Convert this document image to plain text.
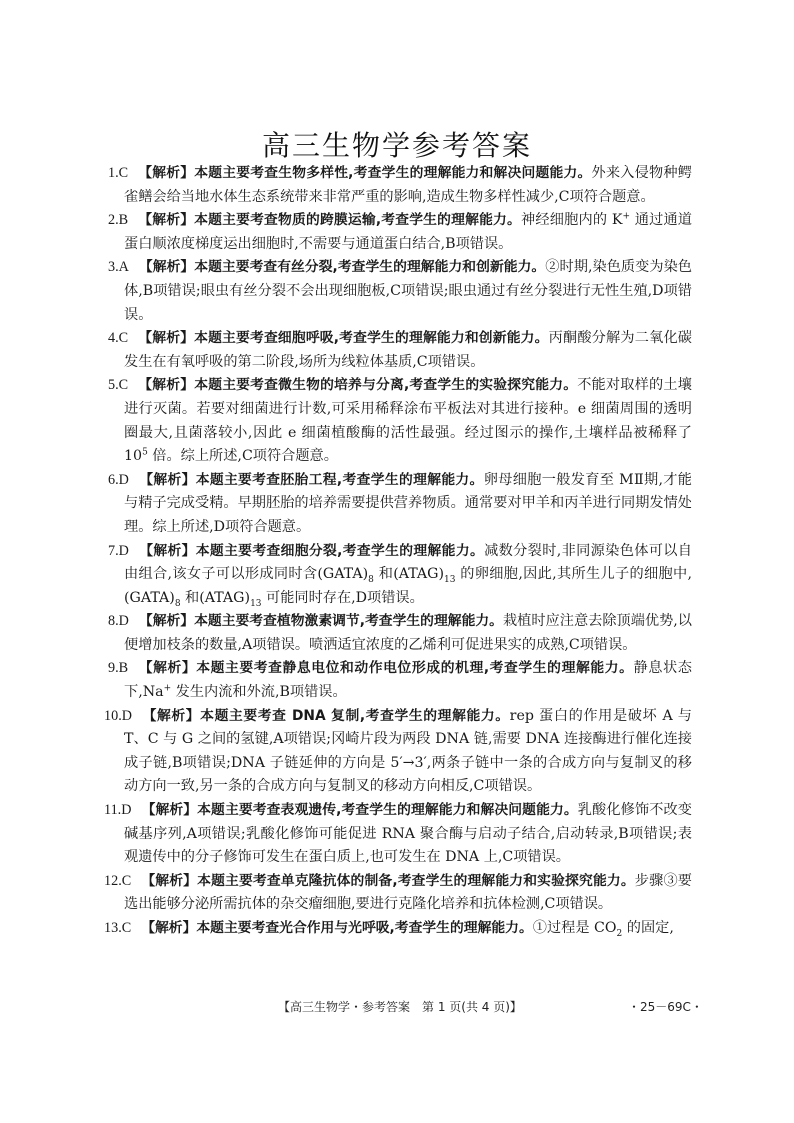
高三生物学参考答案
1.C 【解析】本题主要考查生物多样性,考查学生的理解能力和解决问题能力。外来入侵物种鳄雀鳝会给当地水体生态系统带来非常严重的影响,造成生物多样性减少,C项符合题意。
2.B 【解析】本题主要考查物质的跨膜运输,考查学生的理解能力。神经细胞内的 K+ 通过通道蛋白顺浓度梯度运出细胞时,不需要与通道蛋白结合,B项错误。
3.A 【解析】本题主要考查有丝分裂,考查学生的理解能力和创新能力。②时期,染色质变为染色体,B项错误;眼虫有丝分裂不会出现细胞板,C项错误;眼虫通过有丝分裂进行无性生殖,D项错误。
4.C 【解析】本题主要考查细胞呼吸,考查学生的理解能力和创新能力。丙酮酸分解为二氧化碳发生在有氧呼吸的第二阶段,场所为线粒体基质,C项错误。
5.C 【解析】本题主要考查微生物的培养与分离,考查学生的实验探究能力。不能对取样的土壤进行灭菌。若要对细菌进行计数,可采用稀释涂布平板法对其进行接种。e 细菌周围的透明圈最大,且菌落较小,因此 e 细菌植酸酶的活性最强。经过图示的操作,土壤样品被稀释了 $10^5$ 倍。综上所述,C项符合题意。
6.D 【解析】本题主要考查胚胎工程,考查学生的理解能力。卵母细胞一般发育至 MⅡ期,才能与精子完成受精。早期胚胎的培养需要提供营养物质。通常要对甲羊和丙羊进行同期发情处理。综上所述,D项符合题意。
7.D 【解析】本题主要考查细胞分裂,考查学生的理解能力。减数分裂时,非同源染色体可以自由组合,该女子可以形成同时含$(GATA)_8$ 和$(ATAG)_{13}$ 的卵细胞,因此,其所生儿子的细胞中$,(GATA)_8$ 和$(ATAG)_{13}$ 可能同时存在,D项错误。
8.D 【解析】本题主要考查植物激素调节,考查学生的理解能力。栽植时应注意去除顶端优势,以便增加枝条的数量,A项错误。喷洒适宜浓度的乙烯利可促进果实的成熟,C项错误。
9.B 【解析】本题主要考查静息电位和动作电位形成的机理,考查学生的理解能力。静息状态下,Na+ 发生内流和外流,B项错误。
10.D 【解析】本题主要考查 DNA 复制,考查学生的理解能力。rep 蛋白的作用是破坏 A 与 T、C 与 G 之间的氢键,A项错误;冈崎片段为两段 DNA 链,需要 DNA 连接酶进行催化连接成子链,B项错误;DNA 子链延伸的方向是 5′→3′,两条子链中一条的合成方向与复制叉的移动方向一致,另一条的合成方向与复制叉的移动方向相反,C项错误。
11.D 【解析】本题主要考查表观遗传,考查学生的理解能力和解决问题能力。乳酸化修饰不改变碱基序列,A项错误;乳酸化修饰可能促进 RNA 聚合酶与启动子结合,启动转录,B项错误;表观遗传中的分子修饰可发生在蛋白质上,也可发生在 DNA 上,C项错误。
12.C 【解析】本题主要考查单克隆抗体的制备,考查学生的理解能力和实验探究能力。步骤③要选出能够分泌所需抗体的杂交瘤细胞,要进行克隆化培养和抗体检测,C项错误。
13.C 【解析】本题主要考查光合作用与光呼吸,考查学生的理解能力。①过程是 $CO_2$ 的固定,
【高三生物学・参考答案　第 1 页(共 4 页)】	・25－69C・
